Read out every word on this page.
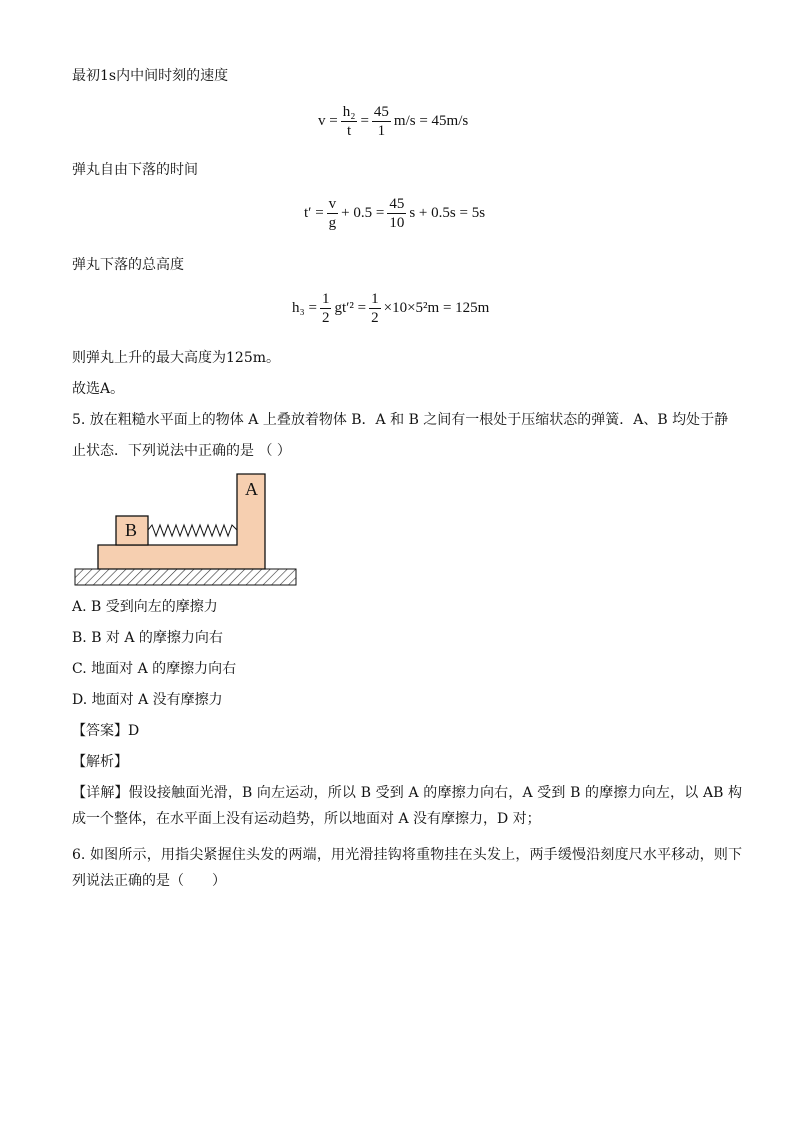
最初1s内中间时刻的速度
$v = \frac{\text{h₂}}{t} = \frac{45}{1} m/s = 45m/s$
弹丸自由下落的时间
$t' = \frac{v}{g} + 0.5 = \frac{45}{10}$ s + 0.5s = 5s
弹丸下落的总高度
$h_3 = \frac{1}{2} gt'^2 = \frac{1}{2} \times 10\times 5^2m = 125m$
则弹丸上升的最大高度为125m。
故选A。
5. 放在粗糙水平面上的物体 A 上叠放着物体 B．A 和 B 之间有一根处于压缩状态的弹簧．A、B 均处于静
止状态．下列说法中正确的是 （ ）
A
B
A. B 受到向左的摩擦力
B. B 对 A 的摩擦力向右
C. 地面对 A 的摩擦力向右
D. 地面对 A 没有摩擦力
【答案】D
【解析】
【详解】假设接触面光滑，B 向左运动，所以 B 受到 A 的摩擦力向右，A 受到 B 的摩擦力向左，以 AB 构成一个整体，在水平面上没有运动趋势，所以地面对 A 没有摩擦力，D 对；
6. 如图所示，用指尖紧握住头发的两端，用光滑挂钩将重物挂在头发上，两手缓慢沿刻度尺水平移动，则下列说法正确的是（　　）
